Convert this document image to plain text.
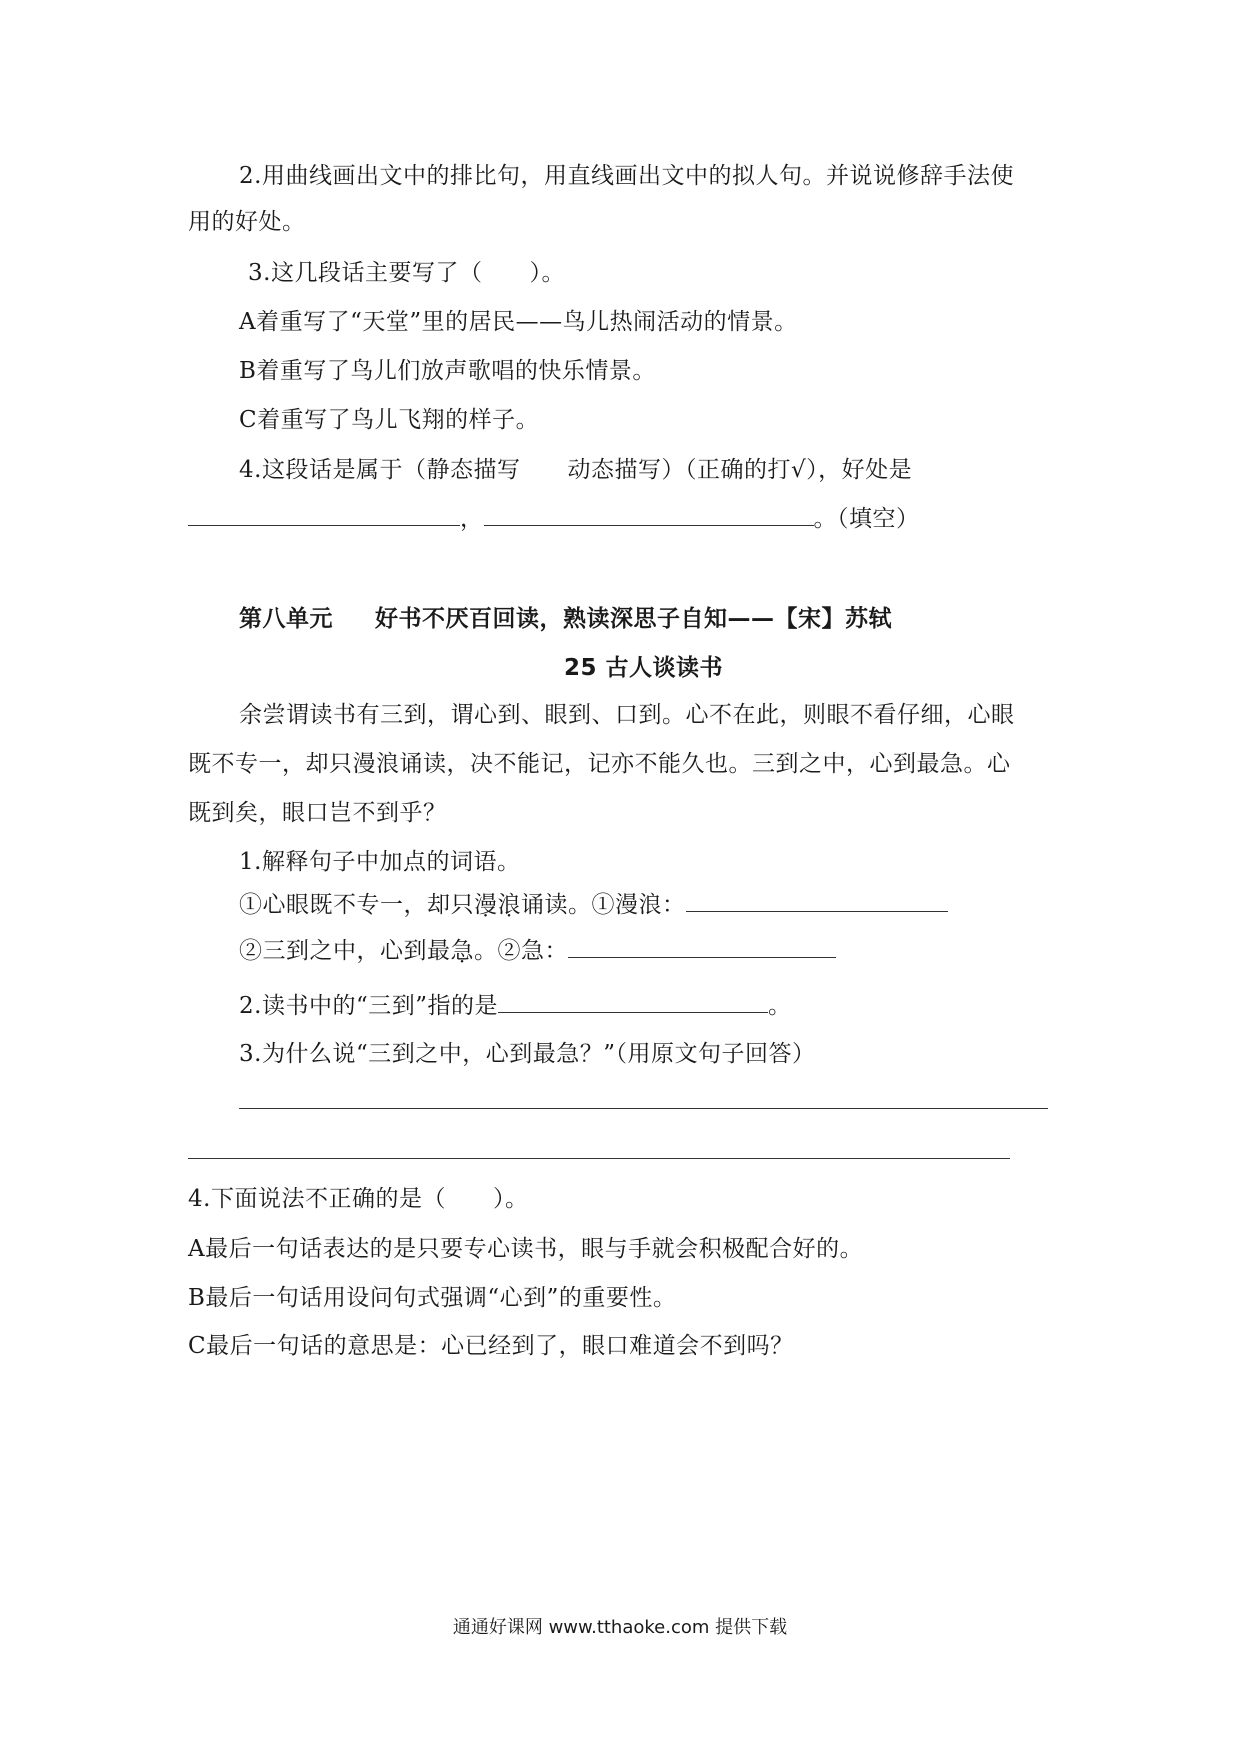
2.用曲线画出文中的排比句，用直线画出文中的拟人句。并说说修辞手法使
用的好处。
3.这几段话主要写了（　　）。
A着重写了“天堂”里的居民——鸟儿热闹活动的情景。
B着重写了鸟儿们放声歌唱的快乐情景。
C着重写了鸟儿飞翔的样子。
4.这段话是属于（静态描写　　动态描写）（正确的打√），好处是
，	。（填空）
第八单元 好书不厌百回读，熟读深思子自知——【宋】苏轼
25 古人谈读书
余尝谓读书有三到，谓心到、眼到、口到。心不在此，则眼不看仔细，心眼
既不专一，却只漫浪诵读，决不能记，记亦不能久也。三到之中，心到最急。心
既到矣，眼口岂不到乎？
1.解释句子中加点的词语。
①心眼既不专一，却只漫浪诵读。①漫浪：
②三到之中，心到最急。②急：
2.读书中的“三到”指的是	。
3.为什么说“三到之中，心到最急？”（用原文句子回答）
4.下面说法不正确的是（　　）。
A最后一句话表达的是只要专心读书，眼与手就会积极配合好的。
B最后一句话用设问句式强调“心到”的重要性。
C最后一句话的意思是：心已经到了，眼口难道会不到吗？
通通好课网 www.tthaoke.com 提供下载
